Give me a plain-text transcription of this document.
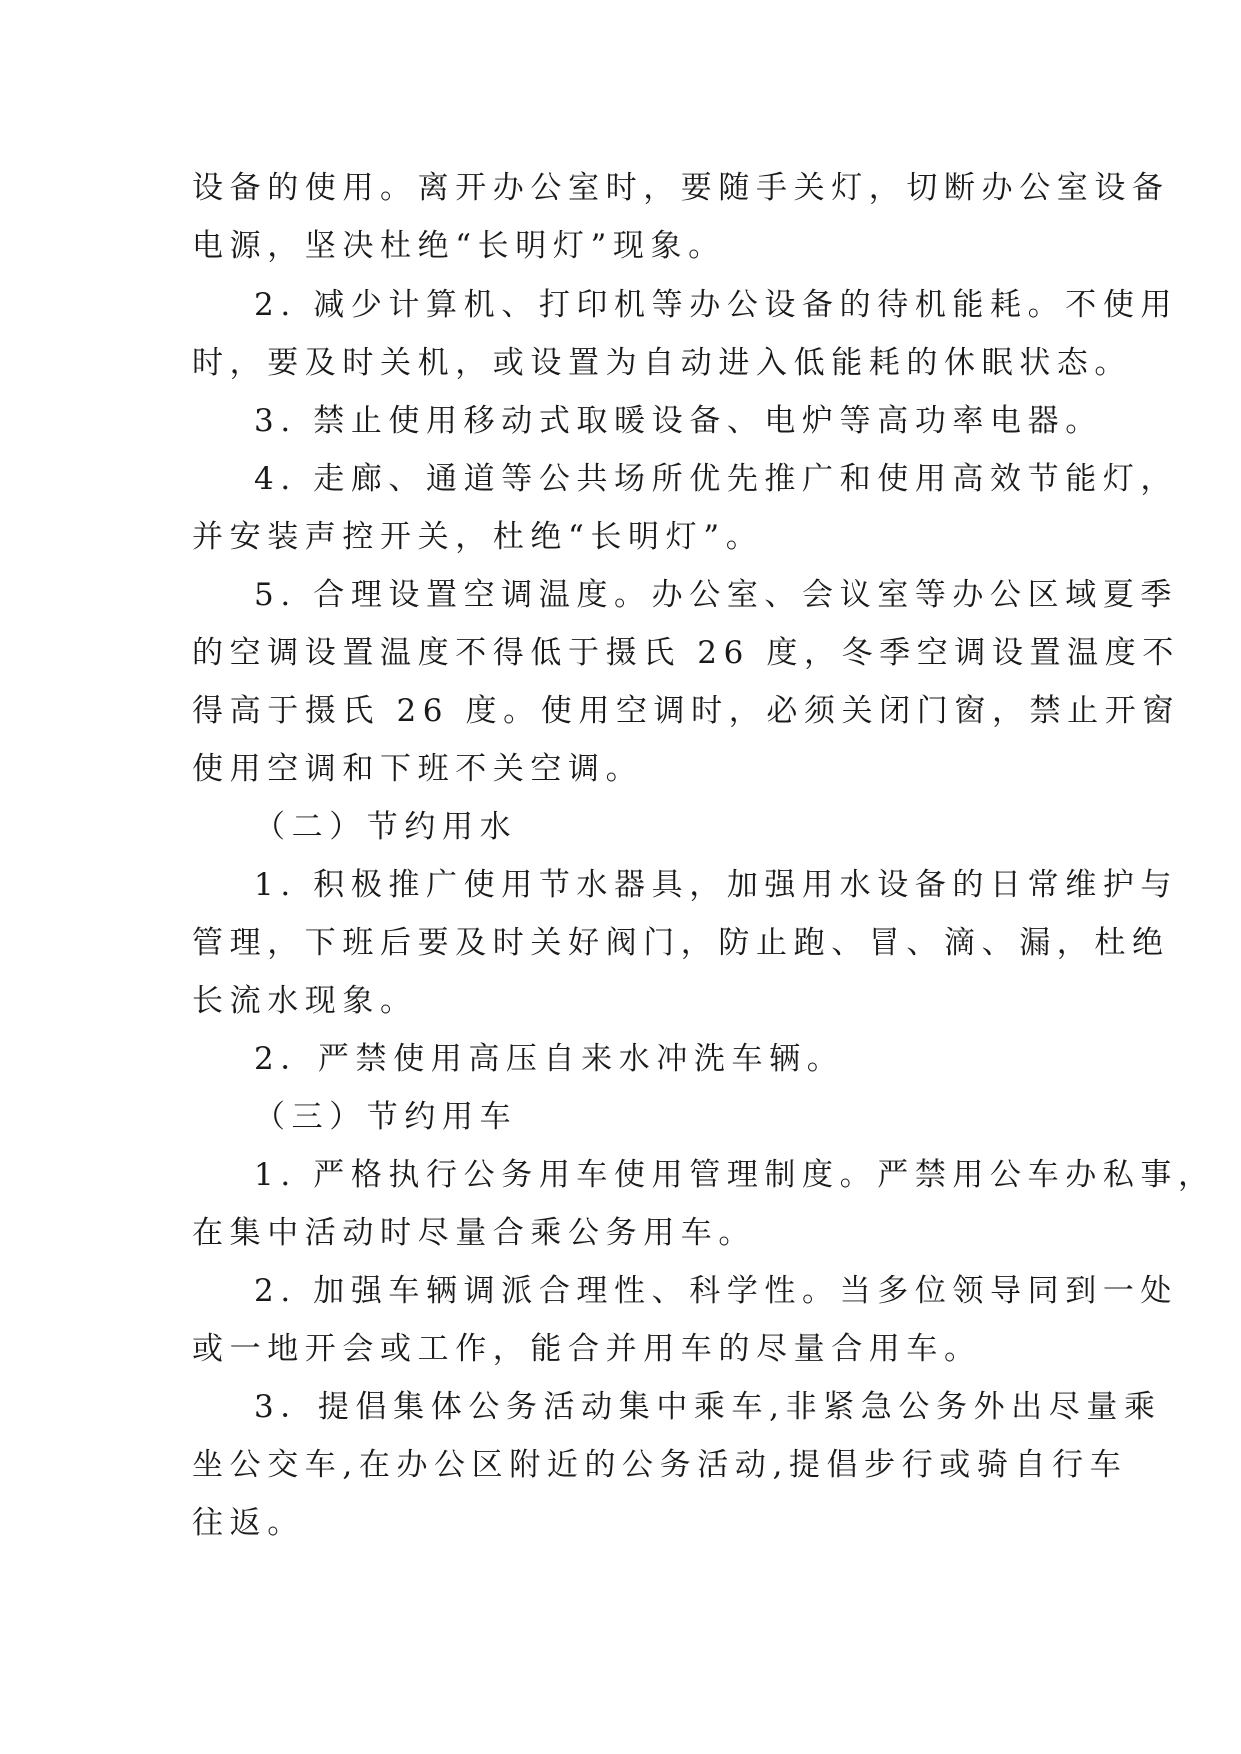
设备的使用。离开办公室时，要随手关灯，切断办公室设备
电源，坚决杜绝“长明灯”现象。
2. 减少计算机、打印机等办公设备的待机能耗。不使用
时，要及时关机，或设置为自动进入低能耗的休眠状态。
3. 禁止使用移动式取暖设备、电炉等高功率电器。
4. 走廊、通道等公共场所优先推广和使用高效节能灯，
并安装声控开关，杜绝“长明灯”。
5. 合理设置空调温度。办公室、会议室等办公区域夏季
的空调设置温度不得低于摄氏 26 度，冬季空调设置温度不
得高于摄氏 26 度。使用空调时，必须关闭门窗，禁止开窗
使用空调和下班不关空调。
（二）节约用水
1. 积极推广使用节水器具，加强用水设备的日常维护与
管理，下班后要及时关好阀门，防止跑、冒、滴、漏，杜绝
长流水现象。
2．严禁使用高压自来水冲洗车辆。
（三）节约用车
1. 严格执行公务用车使用管理制度。严禁用公车办私事，
在集中活动时尽量合乘公务用车。
2. 加强车辆调派合理性、科学性。当多位领导同到一处
或一地开会或工作，能合并用车的尽量合用车。
3．提倡集体公务活动集中乘车,非紧急公务外出尽量乘
坐公交车,在办公区附近的公务活动,提倡步行或骑自行车
往返。
